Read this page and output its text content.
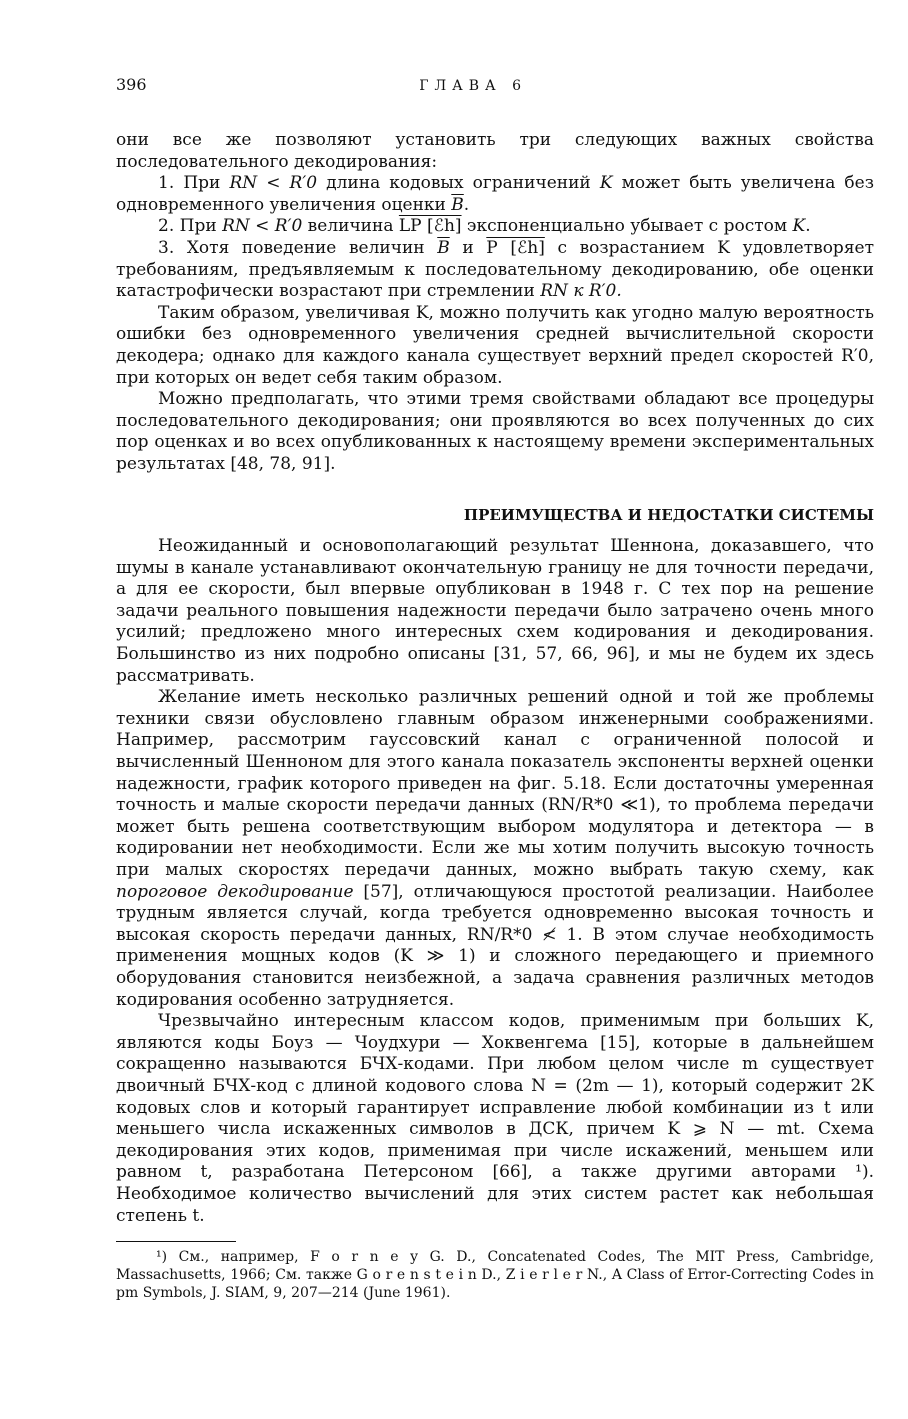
396	ГЛАВА 6

они все же позволяют установить три следующих важных свойства последовательного декодирования:

1. При RN < R′0 длина кодовых ограничений K может быть увеличена без одновременного увеличения оценки $\overline{B}$.

2. При RN < R′0 величина LP [ℰh] экспоненциально убывает с ростом K.

3. Хотя поведение величин $\overline{B}$ и P [ℰh] с возрастанием K удовлетворяет требованиям, предъявляемым к последовательному декодированию, обе оценки катастрофически возрастают при стремлении RN к R′0.

Таким образом, увеличивая K, можно получить как угодно малую вероятность ошибки без одновременного увеличения средней вычислительной скорости декодера; однако для каждого канала существует верхний предел скоростей R′0, при которых он ведет себя таким образом.

Можно предполагать, что этими тремя свойствами обладают все процедуры последовательного декодирования; они проявляются во всех полученных до сих пор оценках и во всех опубликованных к настоящему времени экспериментальных результатах [48, 78, 91].

ПРЕИМУЩЕСТВА И НЕДОСТАТКИ СИСТЕМЫ

Неожиданный и основополагающий результат Шеннона, доказавшего, что шумы в канале устанавливают окончательную границу не для точности передачи, а для ее скорости, был впервые опубликован в 1948 г. С тех пор на решение задачи реального повышения надежности передачи было затрачено очень много усилий; предложено много интересных схем кодирования и декодирования. Большинство из них подробно описаны [31, 57, 66, 96], и мы не будем их здесь рассматривать.

Желание иметь несколько различных решений одной и той же проблемы техники связи обусловлено главным образом инженерными соображениями. Например, рассмотрим гауссовский канал с ограниченной полосой и вычисленный Шенноном для этого канала показатель экспоненты верхней оценки надежности, график которого приведен на фиг. 5.18. Если достаточны умеренная точность и малые скорости передачи данных (RN/R*0 ≪1), то проблема передачи может быть решена соответствующим выбором модулятора и детектора — в кодировании нет необходимости. Если же мы хотим получить высокую точность при малых скоростях передачи данных, можно выбрать такую схему, как пороговое декодирование [57], отличающуюся простотой реализации. Наиболее трудным является случай, когда требуется одновременно высокая точность и высокая скорость передачи данных, RN/R*0 ≮ 1. В этом случае необходимость применения мощных кодов (K ≫ 1) и сложного передающего и приемного оборудования становится неизбежной, а задача сравнения различных методов кодирования особенно затрудняется.

Чрезвычайно интересным классом кодов, применимым при больших K, являются коды Боуз — Чоудхури — Хоквенгема [15], которые в дальнейшем сокращенно называются БЧХ-кодами. При любом целом числе m существует двоичный БЧХ-код с длиной кодового слова N = (2m — 1), который содержит 2K кодовых слов и который гарантирует исправление любой комбинации из t или меньшего числа искаженных символов в ДСК, причем K ⩾ N — mt. Схема декодирования этих кодов, применимая при числе искажений, меньшем или равном t, разработана Петерсоном [66], а также другими авторами ¹). Необходимое количество вычислений для этих систем растет как небольшая степень t.

¹) См., например, F o r n e y G. D., Concatenated Codes, The MIT Press, Cambridge, Massachusetts, 1966; См. также G o r e n s t e i n D., Z i e r l e r N., A Class of Error-Correcting Codes in pm Symbols, J. SIAM, 9, 207—214 (June 1961).
